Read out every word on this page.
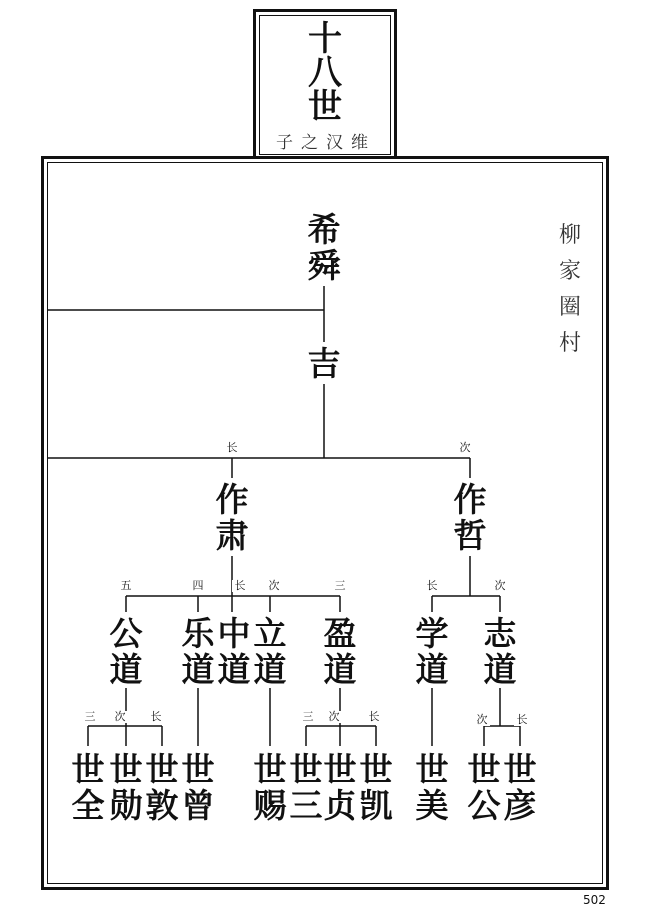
十
八
世
子之汉维
柳
家
圈
村
长	次
五	四	长 次	三	长	次
三 次 长	三 次	长	次	长
希
舜
吉
作
肃
作
哲
公
道
乐
道
中
道
立
道
盈
道
学
道
志
道
世
全
世
勋
世
敦
世
曾
世
赐
世
三
世
贞
世
凯
世
美
世
公
世
彦
502
